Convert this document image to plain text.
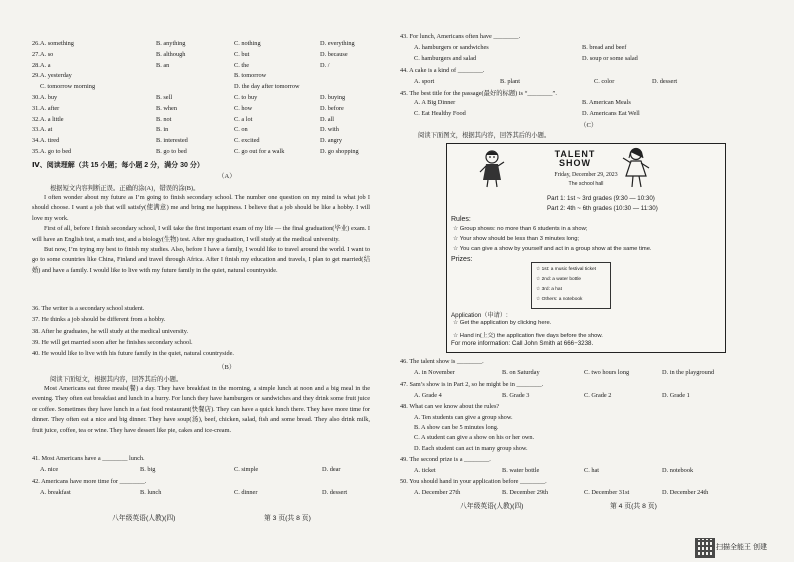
26. A. something	B. anything	C. nothing	D. everything
27. A. so	B. although	C. but	D. because
28. A. a	B. an	C. the	D. /
29. A. yesterday	B. tomorrow
C. tomorrow morning	D. the day after tomorrow
30. A. buy	B. sell	C. to buy	D. buying
31. A. after	B. when	C. how	D. before
32. A. a little	B. not	C. a lot	D. all
33. A. at	B. in	C. on	D. with
34. A. tired	B. interested	C. excited	D. angry
35. A. go to bed	B. go to bed	C. go out for a walk	D. go shopping
Ⅳ、阅读理解（共 15 小题；每小题 2 分，满分 30 分）
（A）
根据短文内容判断正误。正确的涂(A)，错误的涂(B)。

I often wonder about my future as I’m going to finish secondary school. The number one question on my mind is what job I should choose. I want a job that will satisfy(使满意) me and bring me happiness. I believe that a job should be like a hobby. I will love my work.

First of all, before I finish secondary school, I will take the first important exam of my life — the final graduation(毕业) exam. I will have an English test, a math test, and a biology(生物) test. After my graduation, I will study at the medical university.

But now, I’m trying my best to finish my studies. Also, before I have a family, I would like to travel around the world. I want to go to some countries like China, Finland and travel through Africa. After I finish my education and travels, I plan to get married(结婚) and have a family. I would like to live with my future family in the quiet, natural countryside.

36. The writer is a secondary school student.
37. He thinks a job should be different from a hobby.
38. After he graduates, he will study at the medical university.
39. He will get married soon after he finishes secondary school.
40. He would like to live with his future family in the quiet, natural countryside.
（B）
阅读下面短文，根据其内容，回答其后的小题。

Most Americans eat three meals(餐) a day. They have breakfast in the morning, a simple lunch at noon and a big meal in the evening. They often eat breakfast and lunch in a hurry. For lunch they have hamburgers or sandwiches and they drink some fruit juice or coffee. Sometimes they have lunch in a fast food restaurant(快餐店). They can have a quick lunch there. They have more time for dinner. They often eat a nice and big dinner. They have soup(汤), beef, chicken, salad, fish and some bread. They also drink milk, fruit juice, coffee, tea or wine. They have dessert like pie, cakes and ice-cream.

41. Most Americans have a ________ lunch.
A. nice	B. big	C. simple	D. dear
42. Americans have more time for ________.
A. breakfast	B. lunch	C. dinner	D. dessert
八年级英语(人教)(四)	第 3 页(共 8 页)
43. For lunch, Americans often have ________.
A. hamburgers or sandwiches	B. bread and beef
C. hamburgers and salad	D. soup or some salad
44. A cake is a kind of ________.
A. sport	B. plant	C. color	D. dessert
45. The best title for the passage(最好的标题) is “________”.
A. A Big Dinner	B. American Meals
C. Eat Healthy Food	D. Americans Eat Well
（C）
阅读下面图文，根据其内容，回答其后的小题。
TALENT
SHOW
Friday, December 29, 2023
The school hall
Part 1: 1st ~ 3rd grades (9:30 — 10:30)
Part 2: 4th ~ 6th grades (10:30 — 11:30)
Rules:
☆ Group shows: no more than 6 students in a show;
☆ Your show should be less than 3 minutes long;
☆ You can give a show by yourself and act in a group show at the same time.
Prizes:
☆ 1st: a music festival ticket
☆ 2nd: a water bottle
☆ 3rd: a hat
☆ Others: a notebook
Application（申请）:
☆ Get the application by clicking here.
☆ Hand in(上交) the application five days before the show.
For more information: Call John Smith at 666−3238.
46. The talent show is ________.
A. in November	B. on Saturday	C. two hours long	D. in the playground
47. Sam’s show is in Part 2, so he might be in ________.
A. Grade 4	B. Grade 3	C. Grade 2	D. Grade 1
48. What can we know about the rules?
A. Ten students can give a group show.
B. A show can be 5 minutes long.
C. A student can give a show on his or her own.
D. Each student can act in many group show.
49. The second prize is a ________.
A. ticket	B. water bottle	C. hat	D. notebook
50. You should hand in your application before ________.
A. December 27th	B. December 29th	C. December 31st	D. December 24th
八年级英语(人教)(四)	第 4 页(共 8 页)
扫描全能王 创建
